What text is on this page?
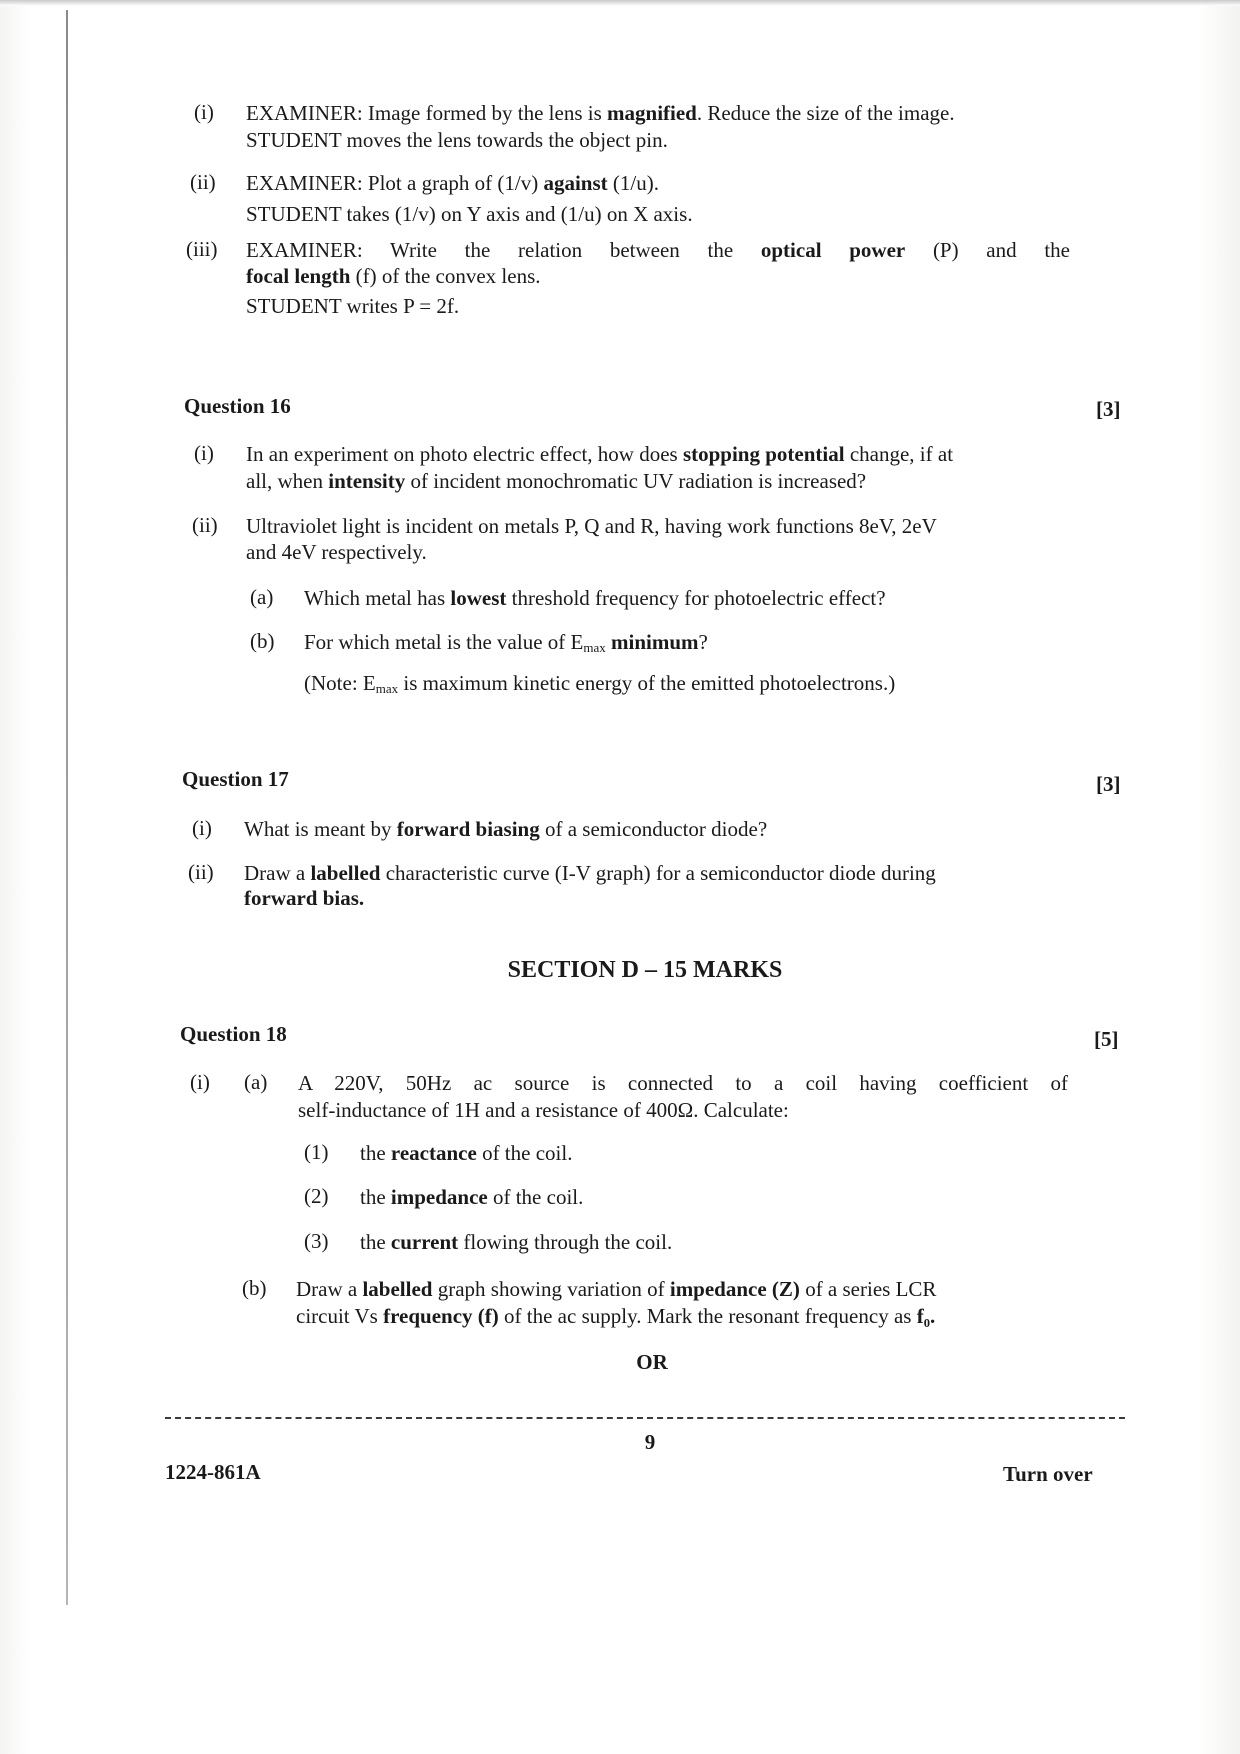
(i) EXAMINER: Image formed by the lens is magnified. Reduce the size of the image.
STUDENT moves the lens towards the object pin.
(ii) EXAMINER: Plot a graph of (1/v) against (1/u).
STUDENT takes (1/v) on Y axis and (1/u) on X axis.
(iii) EXAMINER: Write the relation between the optical power (P) and the
focal length (f) of the convex lens.
STUDENT writes P = 2f.
Question 16	[3]
(i) In an experiment on photo electric effect, how does stopping potential change, if at
all, when intensity of incident monochromatic UV radiation is increased?
(ii) Ultraviolet light is incident on metals P, Q and R, having work functions 8eV, 2eV
and 4eV respectively.
(a) Which metal has lowest threshold frequency for photoelectric effect?
(b) For which metal is the value of $E_{max}$ minimum?
(Note: $E_{max}$ is maximum kinetic energy of the emitted photoelectrons.)
Question 17	[3]
(i) What is meant by forward biasing of a semiconductor diode?
(ii) Draw a labelled characteristic curve (I-V graph) for a semiconductor diode during
forward bias.
SECTION D – 15 MARKS
Question 18	[5]
(i) (a) A 220V, 50Hz ac source is connected to a coil having coefficient of
self-inductance of 1H and a resistance of 400Ω. Calculate:
(1) the reactance of the coil.
(2) the impedance of the coil.
(3) the current flowing through the coil.
(b) Draw a labelled graph showing variation of impedance (Z) of a series LCR
circuit Vs frequency (f) of the ac supply. Mark the resonant frequency as f₀.
OR
9
1224-861A	Turn over
